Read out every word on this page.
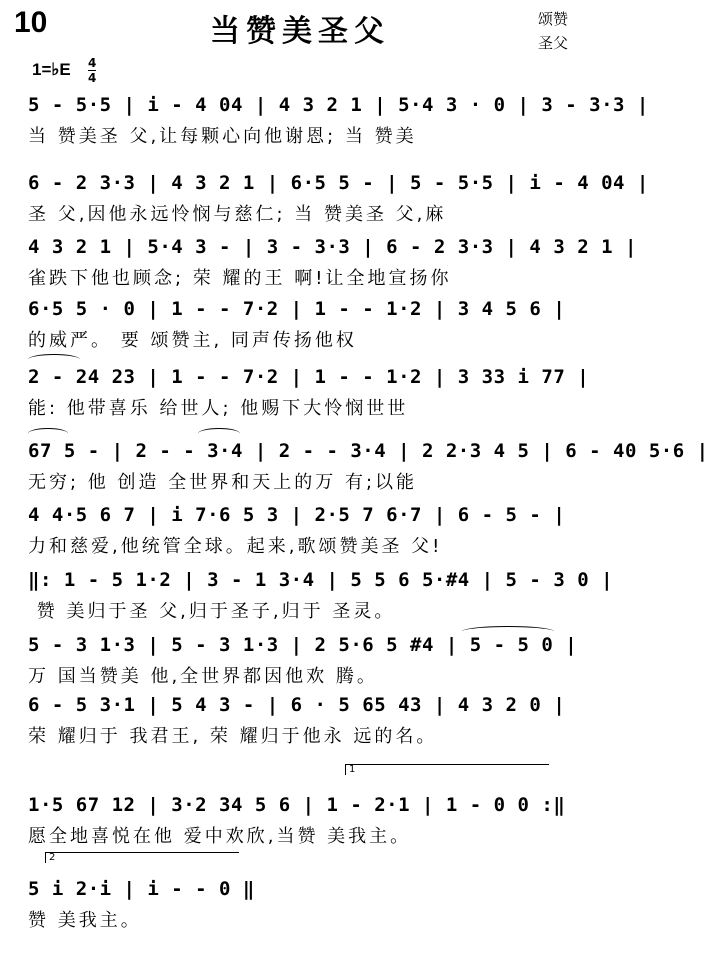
10	当赞美圣父	颂赞
圣父
1=♭E 4
4
5 - 5·5 | i - 4 04 | 4 3 2 1 | 5·4 3 · 0 | 3 - 3·3 |
当 赞美圣 父,让每颗心向他谢恩; 当 赞美
6 - 2 3·3 | 4 3 2 1 | 6·5 5 - | 5 - 5·5 | i - 4 04 |
圣 父,因他永远怜悯与慈仁; 当 赞美圣 父,麻
4 3 2 1 | 5·4 3 - | 3 - 3·3 | 6 - 2 3·3 | 4 3 2 1 |
雀跌下他也顾念; 荣 耀的王 啊!让全地宣扬你
6·5 5 · 0 | 1 - - 7·2 | 1 - - 1·2 | 3 4 5 6 |
的威严。 要 颂赞主, 同声传扬他权
2 - 24 23 | 1 - - 7·2 | 1 - - 1·2 | 3 33 i 77 |
能: 他带喜乐 给世人; 他赐下大怜悯世世
67 5 - | 2 - - 3·4 | 2 - - 3·4 | 2 2·3 4 5 | 6 - 40 5·6 |
无穷; 他 创造 全世界和天上的万 有;以能
4 4·5 6 7 | i 7·6 5 3 | 2·5 7 6·7 | 6 - 5 - |
力和慈爱,他统管全球。起来,歌颂赞美圣 父!
‖: 1 - 5 1·2 | 3 - 1 3·4 | 5 5 6 5·#4 | 5 - 3 0 |
赞 美归于圣 父,归于圣子,归于 圣灵。
5 - 3 1·3 | 5 - 3 1·3 | 2 5·6 5 #4 | 5 - 5 0 |
万 国当赞美 他,全世界都因他欢 腾。
6 - 5 3·1 | 5 4 3 - | 6 · 5 65 43 | 4 3 2 0 |
荣 耀归于 我君王, 荣 耀归于他永 远的名。
1
1·5 67 12 | 3·2 34 5 6 | 1 - 2·1 | 1 - 0 0 :‖
愿全地喜悦在他 爱中欢欣,当赞 美我主。
2
5 i 2·i | i - - 0 ‖
赞 美我主。
